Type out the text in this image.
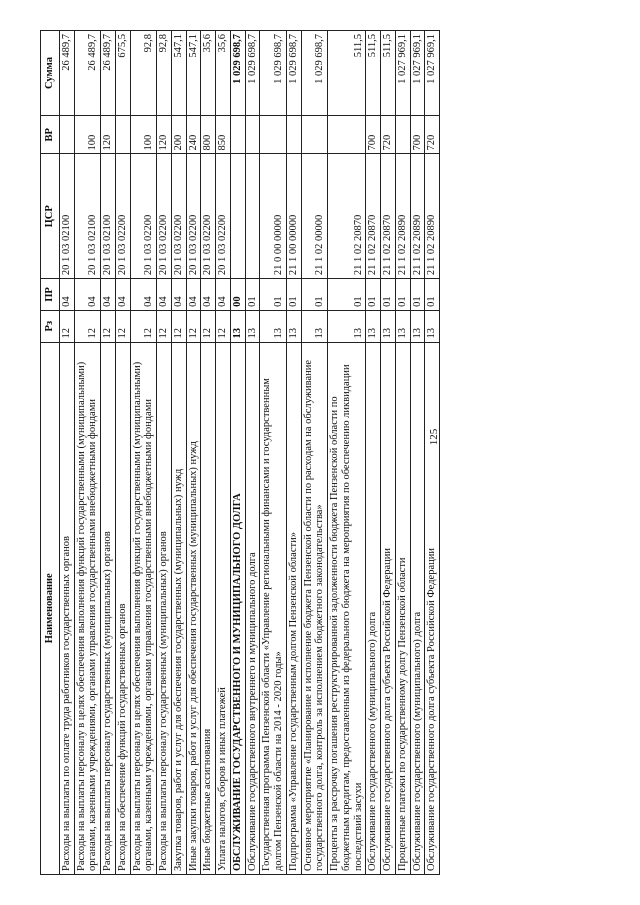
125
Наименование	Рз	ПР	ЦСР	ВР	Сумма
Расходы на выплаты по оплате труда работников государственных органов	12	04	20 1 03 02100		26 489,7
Расходы на выплаты персоналу в целях обеспечения выполнения функций государственными (муниципальными) органами, казенными учреждениями, органами управления государственными внебюджетными фондами	12	04	20 1 03 02100	100	26 489,7
Расходы на выплаты персоналу государственных (муниципальных) органов	12	04	20 1 03 02100	120	26 489,7
Расходы на обеспечение функций государственных органов	12	04	20 1 03 02200		675,5
Расходы на выплаты персоналу в целях обеспечения выполнения функций государственными (муниципальными) органами, казенными учреждениями, органами управления государственными внебюджетными фондами	12	04	20 1 03 02200	100	92,8
Расходы на выплаты персоналу государственных (муниципальных) органов	12	04	20 1 03 02200	120	92,8
Закупка товаров, работ и услуг для обеспечения государственных (муниципальных) нужд	12	04	20 1 03 02200	200	547,1
Иные закупки товаров, работ и услуг для обеспечения государственных (муниципальных) нужд	12	04	20 1 03 02200	240	547,1
Иные бюджетные ассигнования	12	04	20 1 03 02200	800	35,6
Уплата налогов, сборов и иных платежей	12	04	20 1 03 02200	850	35,6
ОБСЛУЖИВАНИЕ ГОСУДАРСТВЕННОГО И МУНИЦИПАЛЬНОГО ДОЛГА	13	00			1 029 698,7
Обслуживание государственного внутреннего и муниципального долга	13	01			1 029 698,7
Государственная программа Пензенской области «Управление региональными финансами и государственным долгом Пензенской области на 2014 - 2020 годы»	13	01	21 0 00 00000		1 029 698,7
Подпрограмма «Управление государственным долгом Пензенской области»	13	01	21 1 00 00000		1 029 698,7
Основное мероприятие «Планирование и исполнение бюджета Пензенской области по расходам на обслуживание государственного долга, контроль за исполнением бюджетного законодательства»	13	01	21 1 02 00000		1 029 698,7
Проценты за рассрочку погашения реструктурированной задолженности бюджета Пензенской области по бюджетным кредитам, предоставленным из федерального бюджета на мероприятия по обеспечению ликвидации последствий засухи	13	01	21 1 02 20870		511,5
Обслуживание государственного (муниципального) долга	13	01	21 1 02 20870	700	511,5
Обслуживание государственного долга субъекта Российской Федерации	13	01	21 1 02 20870	720	511,5
Процентные платежи по государственному долгу Пензенской области	13	01	21 1 02 20890		1 027 969,1
Обслуживание государственного (муниципального) долга	13	01	21 1 02 20890	700	1 027 969,1
Обслуживание государственного долга субъекта Российской Федерации	13	01	21 1 02 20890	720	1 027 969,1
